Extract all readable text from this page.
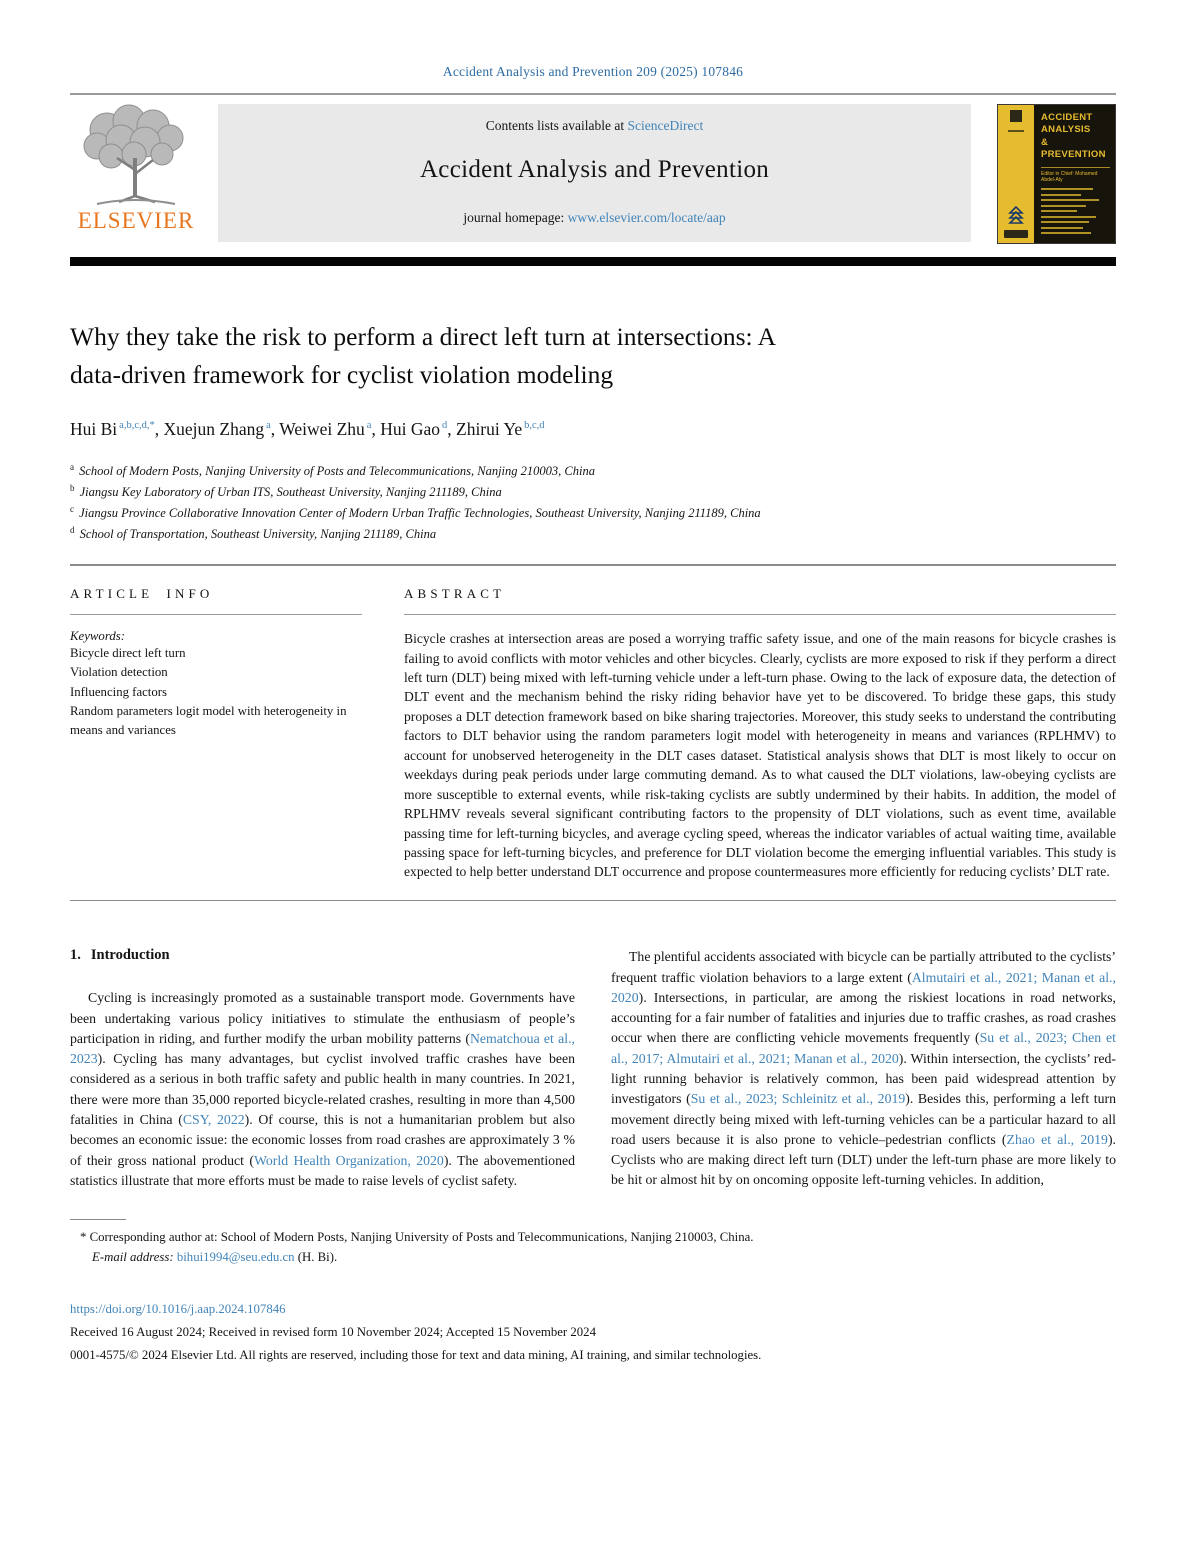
Accident Analysis and Prevention 209 (2025) 107846
ELSEVIER
Contents lists available at ScienceDirect
Accident Analysis and Prevention
journal homepage: www.elsevier.com/locate/aap
ACCIDENT
ANALYSIS
&
PREVENTION
Editor in Chief: Mohamed Abdel-Aty
Why they take the risk to perform a direct left turn at intersections: A
data-driven framework for cyclist violation modeling
Hui Bi $^{a,b,c,d,*}$, Xuejun Zhang $^a$, Weiwei Zhu $^a$, Hui Gao $^d$, Zhirui Ye $^{b,c,d}$
$^a$ School of Modern Posts, Nanjing University of Posts and Telecommunications, Nanjing 210003, China
$^b$ Jiangsu Key Laboratory of Urban ITS, Southeast University, Nanjing 211189, China
$^c$ Jiangsu Province Collaborative Innovation Center of Modern Urban Traffic Technologies, Southeast University, Nanjing 211189, China
$^d$ School of Transportation, Southeast University, Nanjing 211189, China
ARTICLE INFO
Keywords:
Bicycle direct left turn
Violation detection
Influencing factors
Random parameters logit model with heterogeneity in means and variances
ABSTRACT

Bicycle crashes at intersection areas are posed a worrying traffic safety issue, and one of the main reasons for bicycle crashes is failing to avoid conflicts with motor vehicles and other bicycles. Clearly, cyclists are more exposed to risk if they perform a direct left turn (DLT) being mixed with left-turning vehicle under a left-turn phase. Owing to the lack of exposure data, the detection of DLT event and the mechanism behind the risky riding behavior have yet to be discovered. To bridge these gaps, this study proposes a DLT detection framework based on bike sharing trajectories. Moreover, this study seeks to understand the contributing factors to DLT behavior using the random parameters logit model with heterogeneity in means and variances (RPLHMV) to account for unobserved heterogeneity in the DLT cases dataset. Statistical analysis shows that DLT is most likely to occur on weekdays during peak periods under large commuting demand. As to what caused the DLT violations, law-obeying cyclists are more susceptible to external events, while risk-taking cyclists are subtly undermined by their habits. In addition, the model of RPLHMV reveals several significant contributing factors to the propensity of DLT violations, such as event time, available passing time for left-turning bicycles, and average cycling speed, whereas the indicator variables of actual waiting time, available passing space for left-turning bicycles, and preference for DLT violation become the emerging influential variables. This study is expected to help better understand DLT occurrence and propose countermeasures more efficiently for reducing cyclists’ DLT rate.

1. Introduction

Cycling is increasingly promoted as a sustainable transport mode. Governments have been undertaking various policy initiatives to stimulate the enthusiasm of people’s participation in riding, and further modify the urban mobility patterns (Nematchoua et al., 2023). Cycling has many advantages, but cyclist involved traffic crashes have been considered as a serious in both traffic safety and public health in many countries. In 2021, there were more than 35,000 reported bicycle-related crashes, resulting in more than 4,500 fatalities in China (CSY, 2022). Of course, this is not a humanitarian problem but also becomes an economic issue: the economic losses from road crashes are approximately 3 % of their gross national product (World Health Organization, 2020). The abovementioned statistics illustrate that more efforts must be made to raise levels of cyclist safety.

The plentiful accidents associated with bicycle can be partially attributed to the cyclists’ frequent traffic violation behaviors to a large extent (Almutairi et al., 2021; Manan et al., 2020). Intersections, in particular, are among the riskiest locations in road networks, accounting for a fair number of fatalities and injuries due to traffic crashes, as road crashes occur when there are conflicting vehicle movements frequently (Su et al., 2023; Chen et al., 2017; Almutairi et al., 2021; Manan et al., 2020). Within intersection, the cyclists’ red-light running behavior is relatively common, has been paid widespread attention by investigators (Su et al., 2023; Schleinitz et al., 2019). Besides this, performing a left turn movement directly being mixed with left-turning vehicles can be a particular hazard to all road users because it is also prone to vehicle–pedestrian conflicts (Zhao et al., 2019). Cyclists who are making direct left turn (DLT) under the left-turn phase are more likely to be hit or almost hit by on oncoming opposite left-turning vehicles. In addition,

* Corresponding author at: School of Modern Posts, Nanjing University of Posts and Telecommunications, Nanjing 210003, China.
E-mail address: bihui1994@seu.edu.cn (H. Bi).
https://doi.org/10.1016/j.aap.2024.107846
Received 16 August 2024; Received in revised form 10 November 2024; Accepted 15 November 2024
0001-4575/© 2024 Elsevier Ltd. All rights are reserved, including those for text and data mining, AI training, and similar technologies.
